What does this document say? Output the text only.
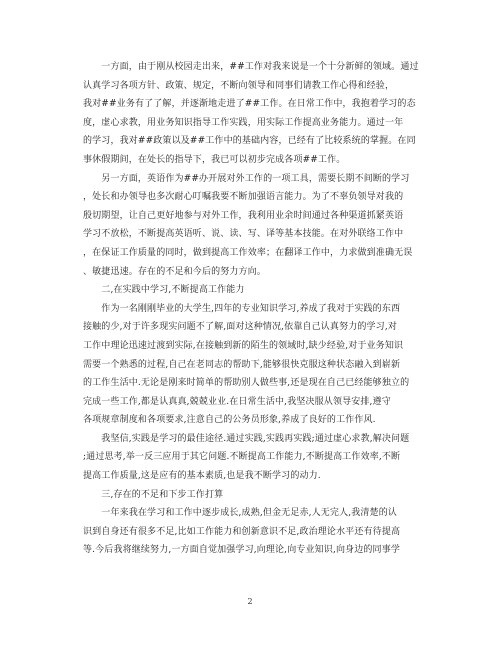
　　一方面，由于刚从校园走出来，##工作对我来说是一个十分新鲜的领域。通过
认真学习各项方针、政策、规定，不断向领导和同事们请教工作心得和经验，
我对##业务有了了解，并逐渐地走进了##工作。在日常工作中，我抱着学习的态
度，虚心求教，用业务知识指导工作实践，用实际工作提高业务能力。通过一年
的学习，我对##政策以及##工作中的基础内容，已经有了比较系统的掌握。在同
事休假期间，在处长的指导下，我已可以初步完成各项##工作。
　　另一方面，英语作为##办开展对外工作的一项工具，需要长期不间断的学习
，处长和办领导也多次耐心叮嘱我要不断加强语言能力。为了不辜负领导对我的
殷切期望，让自己更好地参与对外工作，我利用业余时间通过各种渠道抓紧英语
学习不放松，不断提高英语听、说、读、写、译等基本技能。在对外联络工作中
，在保证工作质量的同时，做到提高工作效率；在翻译工作中，力求做到准确无误
、敏捷迅速。存在的不足和今后的努力方向。
　　二,在实践中学习,不断提高工作能力
　　作为一名刚刚毕业的大学生,四年的专业知识学习,养成了我对于实践的东西
接触的少,对于许多现实问题不了解,面对这种情况,依靠自己认真努力的学习,对
工作中理论迅速过渡到实际,在接触到新的陌生的领域时,缺少经验,对于业务知识
需要一个熟悉的过程,自己在老同志的帮助下,能够很快克服这种状态融入到崭新
的工作生活中.无论是刚来时简单的帮助别人做些事,还是现在自己已经能够独立的
完成一些工作,都是认真真,兢兢业业.在日常生活中,我坚决服从领导安排,遵守
各项规章制度和各项要求,注意自己的公务员形象,养成了良好的工作作风.
　　我坚信,实践是学习的最佳途径.通过实践,实践再实践;通过虚心求教,解决问题
;通过思考,举一反三应用于其它问题.不断提高工作能力,不断提高工作效率,不断
提高工作质量,这是应有的基本素质,也是我不断学习的动力.
　　三,存在的不足和下步工作打算
　　一年来我在学习和工作中逐步成长,成熟,但金无足赤,人无完人,我清楚的认
识到自身还有很多不足,比如工作能力和创新意识不足,政治理论水平还有待提高
等.今后我将继续努力,一方面自觉加强学习,向理论,向专业知识,向身边的同事学
2
